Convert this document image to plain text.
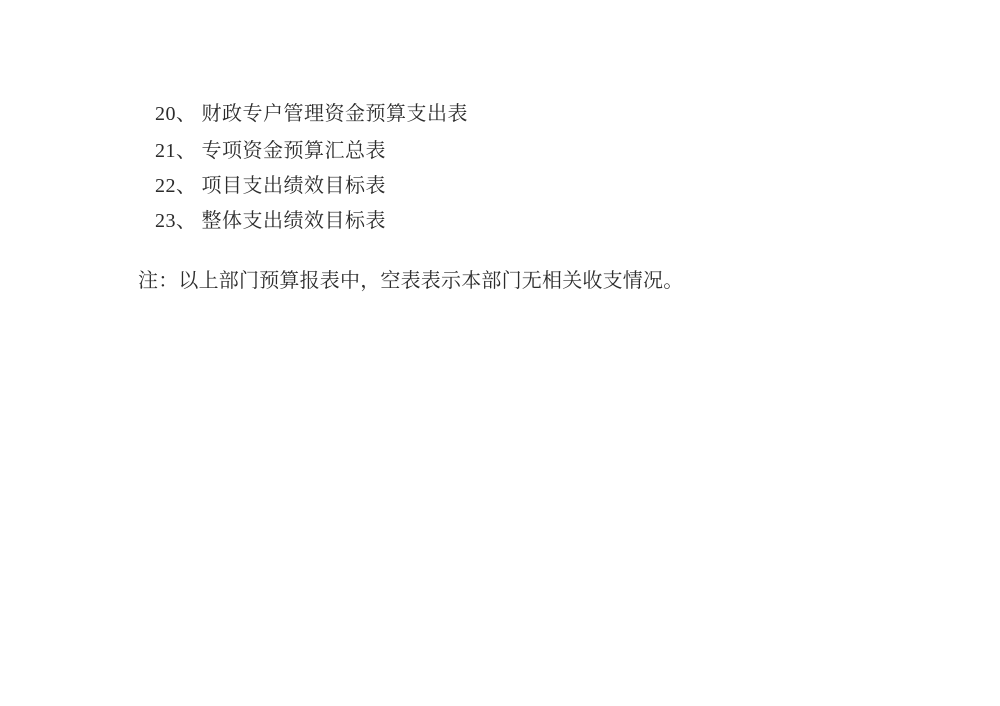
20、 财政专户管理资金预算支出表
21、 专项资金预算汇总表
22、 项目支出绩效目标表
23、 整体支出绩效目标表

注：以上部门预算报表中，空表表示本部门无相关收支情况。
